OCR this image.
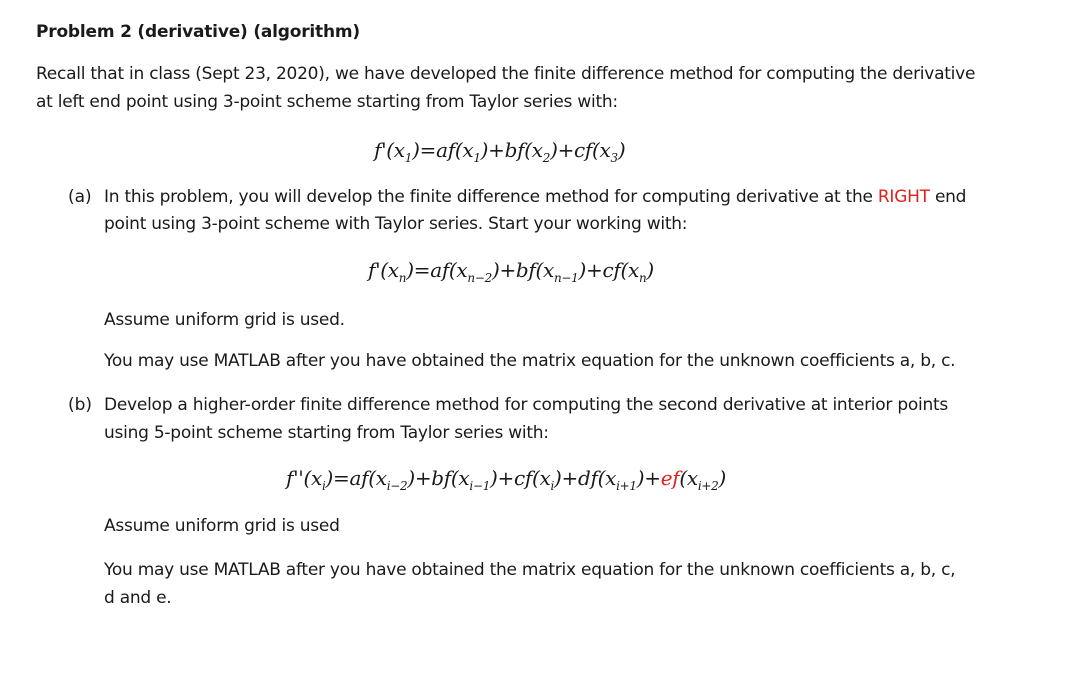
Problem 2 (derivative) (algorithm)
Recall that in class (Sept 23, 2020), we have developed the finite difference method for computing the derivative
at left end point using 3-point scheme starting from Taylor series with:
$f'(x_1)=af(x_1)+bf(x_2)+cf(x_3)$
(a) In this problem, you will develop the finite difference method for computing derivative at the RIGHT end
point using 3-point scheme with Taylor series. Start your working with:
$f'(x_n)=af(x_{n-2})+bf(x_{n-1})+cf(x_n)$
Assume uniform grid is used.
You may use MATLAB after you have obtained the matrix equation for the unknown coefficients a, b, c.
(b) Develop a higher-order finite difference method for computing the second derivative at interior points
using 5-point scheme starting from Taylor series with:
$f''(x_i)=af(x_{i-2})+bf(x_{i-1})+cf(x_i)+df(x_{i+1})+ef(x_{i+2})$
Assume uniform grid is used
You may use MATLAB after you have obtained the matrix equation for the unknown coefficients a, b, c,
d and e.
